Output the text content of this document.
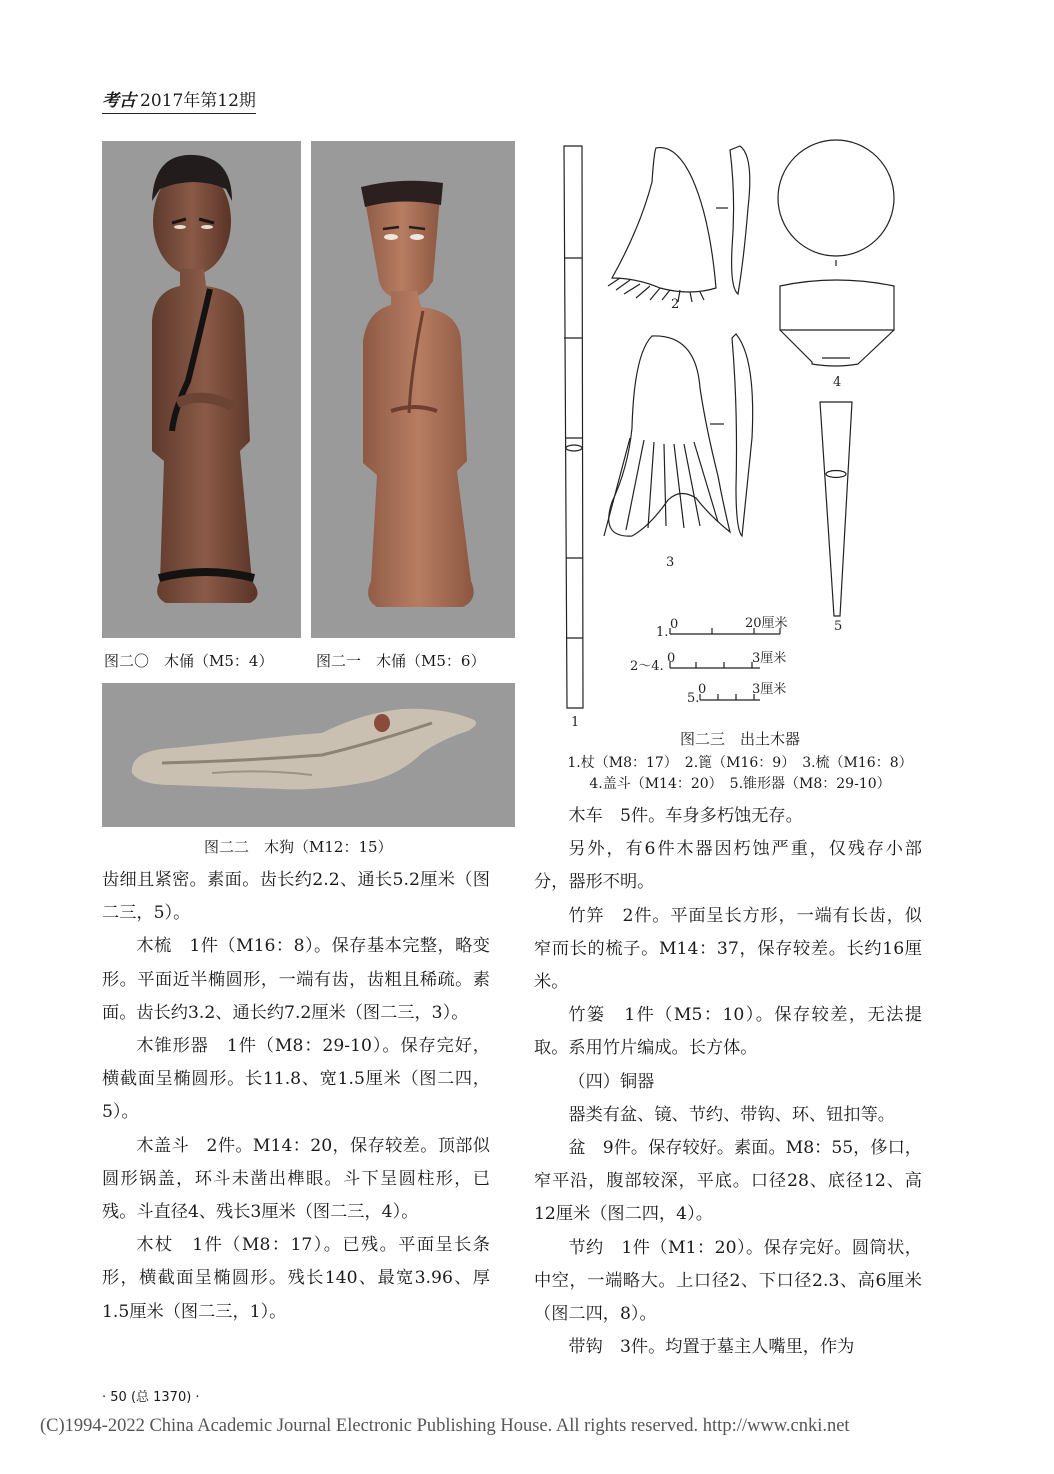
考古 2017年第12期
图二〇　木俑（M5：4）	图二一　木俑（M5：6）
图二二　木狗（M12：15）
2
3
4
5
1
1.
0	20厘米
2～4.
0	3厘米
5.
0	3厘米
图二三　出土木器
1.杖（M8：17）　2.篦（M16：9）　3.梳（M16：8）
4.盖斗（M14：20）　5.锥形器（M8：29-10）

齿细且紧密。素面。齿长约2.2、通长5.2厘米（图二三，5）。

木梳　1件（M16：8）。保存基本完整，略变形。平面近半椭圆形，一端有齿，齿粗且稀疏。素面。齿长约3.2、通长约7.2厘米（图二三，3）。

木锥形器　1件（M8：29-10）。保存完好，横截面呈椭圆形。长11.8、宽1.5厘米（图二四，5）。

木盖斗　2件。M14：20，保存较差。顶部似圆形锅盖，环斗未凿出榫眼。斗下呈圆柱形，已残。斗直径4、残长3厘米（图二三，4）。

木杖　1件（M8：17）。已残。平面呈长条形，横截面呈椭圆形。残长140、最宽3.96、厚1.5厘米（图二三，1）。

木车　5件。车身多朽蚀无存。

另外，有6件木器因朽蚀严重，仅残存小部分，器形不明。

竹笄　2件。平面呈长方形，一端有长齿，似窄而长的梳子。M14：37，保存较差。长约16厘米。

竹篓　1件（M5：10）。保存较差，无法提取。系用竹片编成。长方体。

（四）铜器

器类有盆、镜、节约、带钩、环、钮扣等。

盆　9件。保存较好。素面。M8：55，侈口，窄平沿，腹部较深，平底。口径28、底径12、高12厘米（图二四，4）。

节约　1件（M1：20）。保存完好。圆筒状，中空，一端略大。上口径2、下口径2.3、高6厘米（图二四，8）。

带钩　3件。均置于墓主人嘴里，作为

· 50 (总 1370) ·
(C)1994-2022 China Academic Journal Electronic Publishing House. All rights reserved. http://www.cnki.net
